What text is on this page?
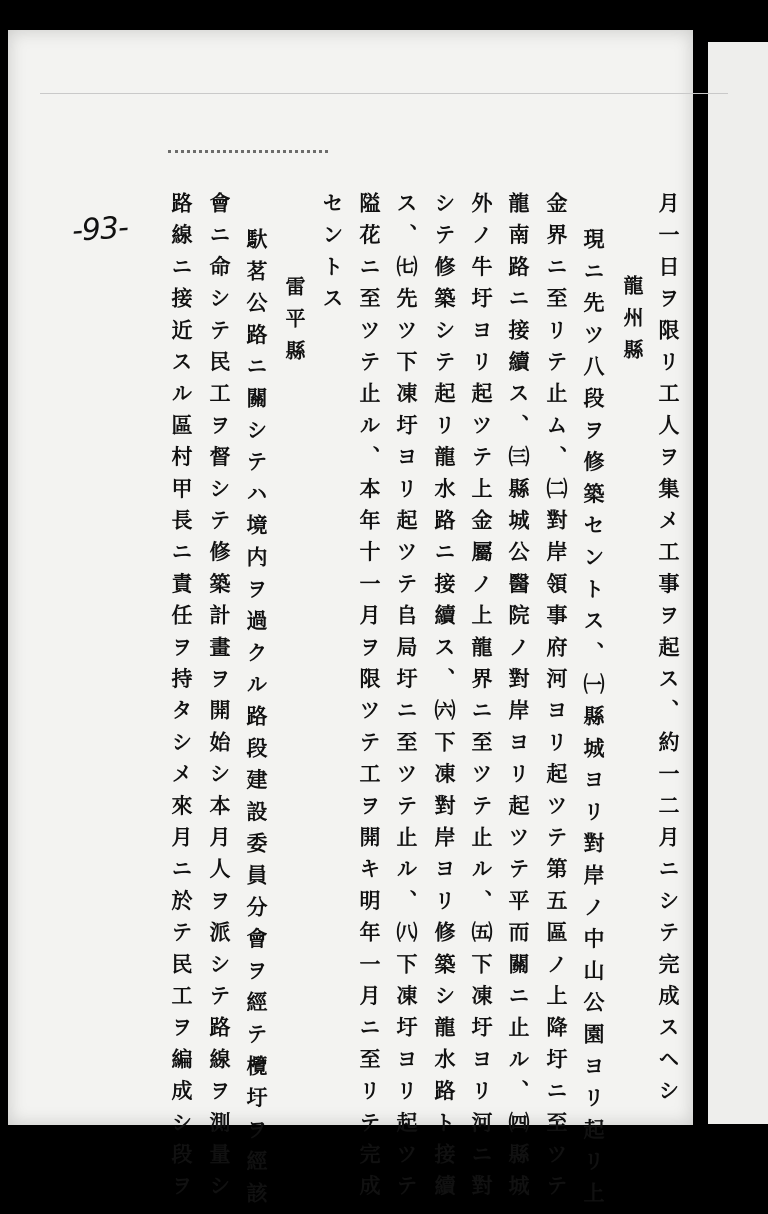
-93-	月一日ヲ限リ工人ヲ集メ工事ヲ起ス、約一二月ニシテ完成スヘシ
龍州縣
現ニ先ツ八段ヲ修築セントス、㈠縣城ヨリ對岸ノ中山公園ヨリ起リ上
金界ニ至リテ止ム、㈡對岸領事府河ヨリ起ツテ第五區ノ上降圩ニ至ツテ
龍南路ニ接續ス、㈢縣城公醫院ノ對岸ヨリ起ツテ平而關ニ止ル、㈣縣城
外ノ牛圩ヨリ起ツテ上金屬ノ上龍界ニ至ツテ止ル、㈤下凍圩ヨリ河ニ對
シテ修築シテ起リ龍水路ニ接續ス、㈥下凍對岸ヨリ修築シ龍水路ト接續
ス、㈦先ツ下凍圩ヨリ起ツテ𠂤局圩ニ至ツテ止ル、㈧下凍圩ヨリ起ツテ
隘花ニ至ツテ止ル、本年十一月ヲ限ツテ工ヲ開キ明年一月ニ至リテ完成
セントス
雷平縣
馱茗公路ニ關シテハ境内ヲ過クル路段建設委員分會ヲ經テ欖圩ヲ經該
會ニ命シテ民工ヲ督シテ修築計畫ヲ開始シ本月人ヲ派シテ路線ヲ測量シ
路線ニ接近スル區村甲長ニ責任ヲ持タシメ來月ニ於テ民工ヲ編成シ段ヲ
